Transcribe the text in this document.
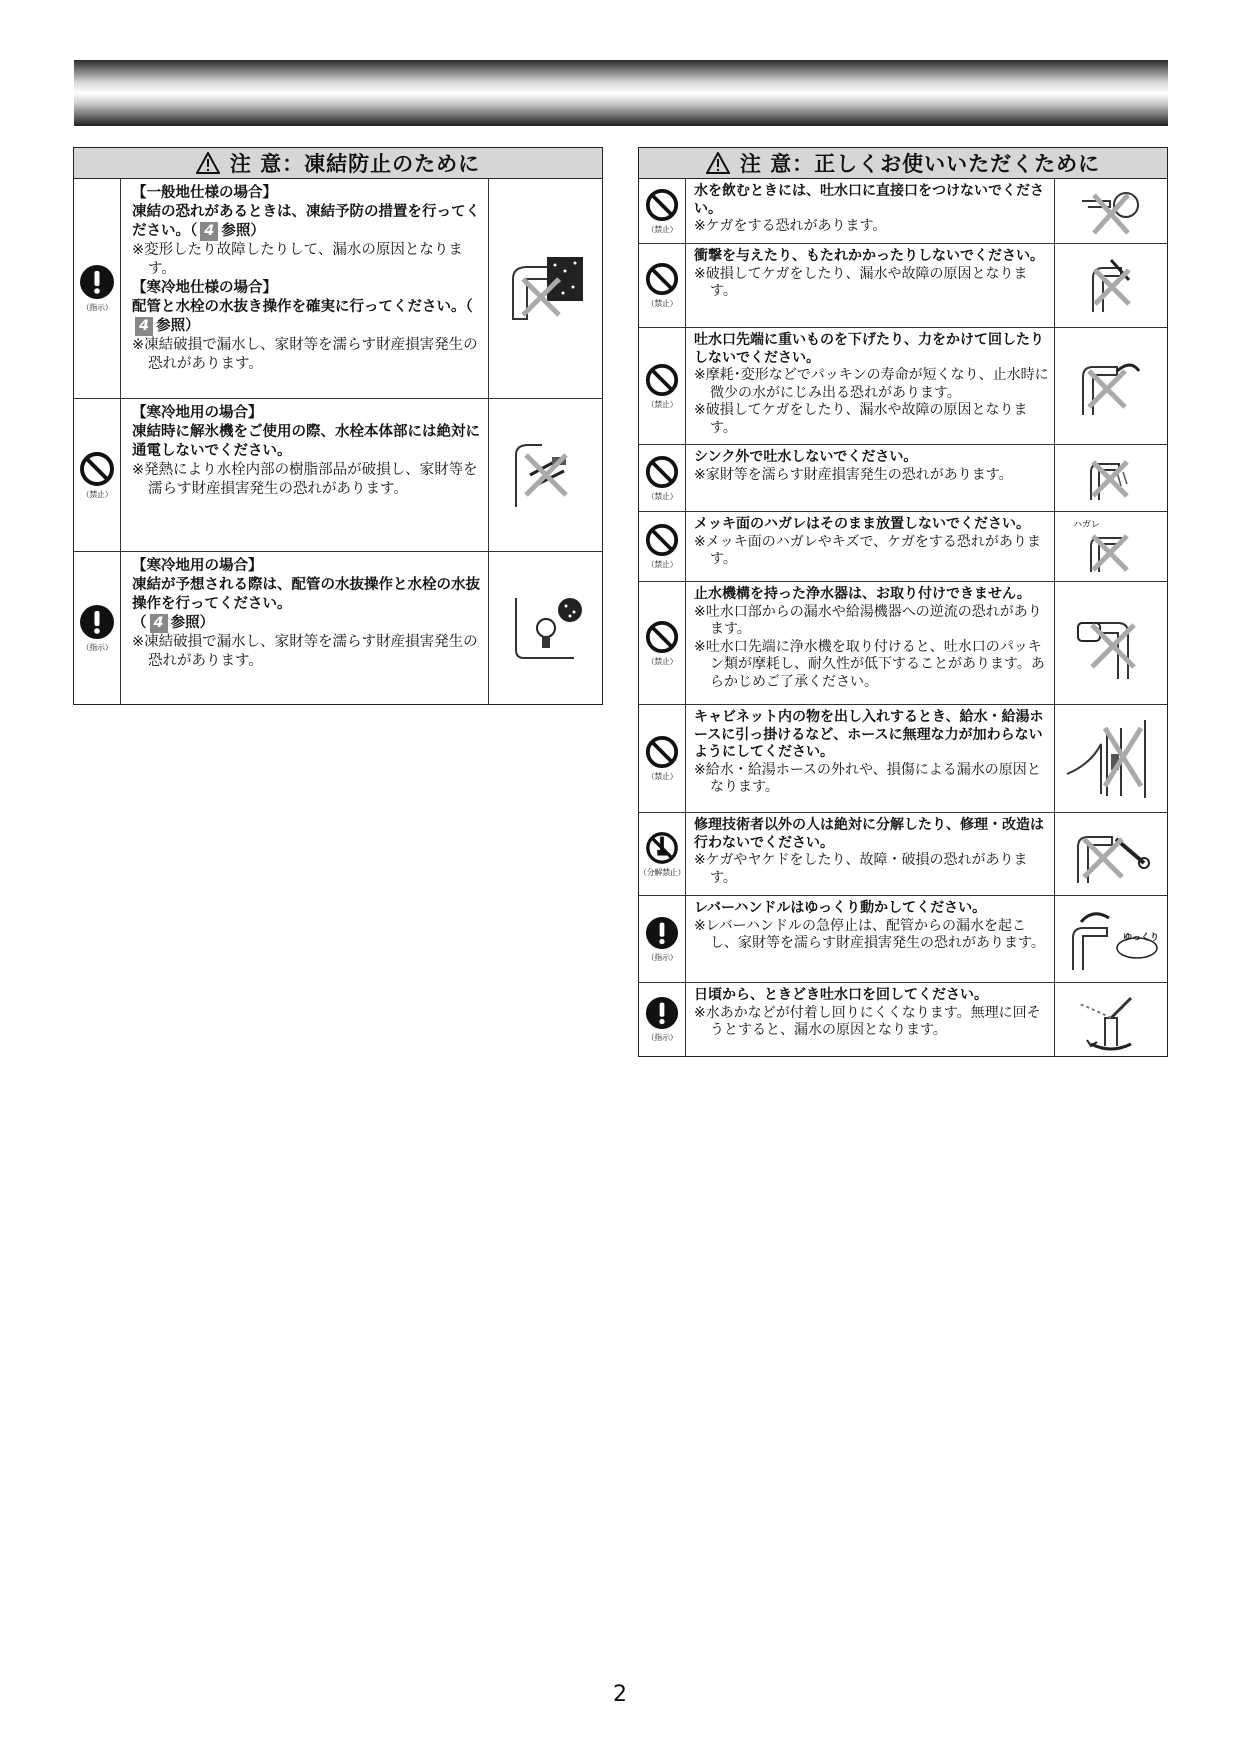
注 意：凍結防止のために
（指示）
【一般地仕様の場合】
凍結の恐れがあるときは、凍結予防の措置を行ってください。（ 4 参照）
※変形したり故障したりして、漏水の原因となります。
【寒冷地仕様の場合】
配管と水栓の水抜き操作を確実に行ってください。（4 参照）
※凍結破損で漏水し、家財等を濡らす財産損害発生の恐れがあります。
（禁止）
【寒冷地用の場合】
凍結時に解氷機をご使用の際、水栓本体部には絶対に通電しないでください。
※発熱により水栓内部の樹脂部品が破損し、家財等を濡らす財産損害発生の恐れがあります。
（指示）
【寒冷地用の場合】
凍結が予想される際は、配管の水抜操作と水栓の水抜操作を行ってください。
（ 4 参照）
※凍結破損で漏水し、家財等を濡らす財産損害発生の恐れがあります。
注 意：正しくお使いいただくために
（禁止）
水を飲むときには、吐水口に直接口をつけないでください。
※ケガをする恐れがあります。
（禁止）
衝撃を与えたり、もたれかかったりしないでください。
※破損してケガをしたり、漏水や故障の原因となります。
（禁止）
吐水口先端に重いものを下げたり、力をかけて回したりしないでください。
※摩耗･変形などでパッキンの寿命が短くなり、止水時に微少の水がにじみ出る恐れがあります。
※破損してケガをしたり、漏水や故障の原因となります。
（禁止）
シンク外で吐水しないでください。
※家財等を濡らす財産損害発生の恐れがあります。
（禁止）
メッキ面のハガレはそのまま放置しないでください。
※メッキ面のハガレやキズで、ケガをする恐れがあります。
ハガレ
（禁止）
止水機構を持った浄水器は、お取り付けできません。
※吐水口部からの漏水や給湯機器への逆流の恐れがあります。
※吐水口先端に浄水機を取り付けると、吐水口のパッキン類が摩耗し、耐久性が低下することがあります。あらかじめご了承ください。
（禁止）
キャビネット内の物を出し入れするとき、給水・給湯ホースに引っ掛けるなど、ホースに無理な力が加わらないようにしてください。
※給水・給湯ホースの外れや、損傷による漏水の原因となります。
（分解禁止）
修理技術者以外の人は絶対に分解したり、修理・改造は行わないでください。
※ケガやヤケドをしたり、故障・破損の恐れがあります。
（指示）
レバーハンドルはゆっくり動かしてください。
※レバーハンドルの急停止は、配管からの漏水を起こし、家財等を濡らす財産損害発生の恐れがあります。	ゆっくり
（指示）
日頃から、ときどき吐水口を回してください。
※水あかなどが付着し回りにくくなります。無理に回そうとすると、漏水の原因となります。
2
